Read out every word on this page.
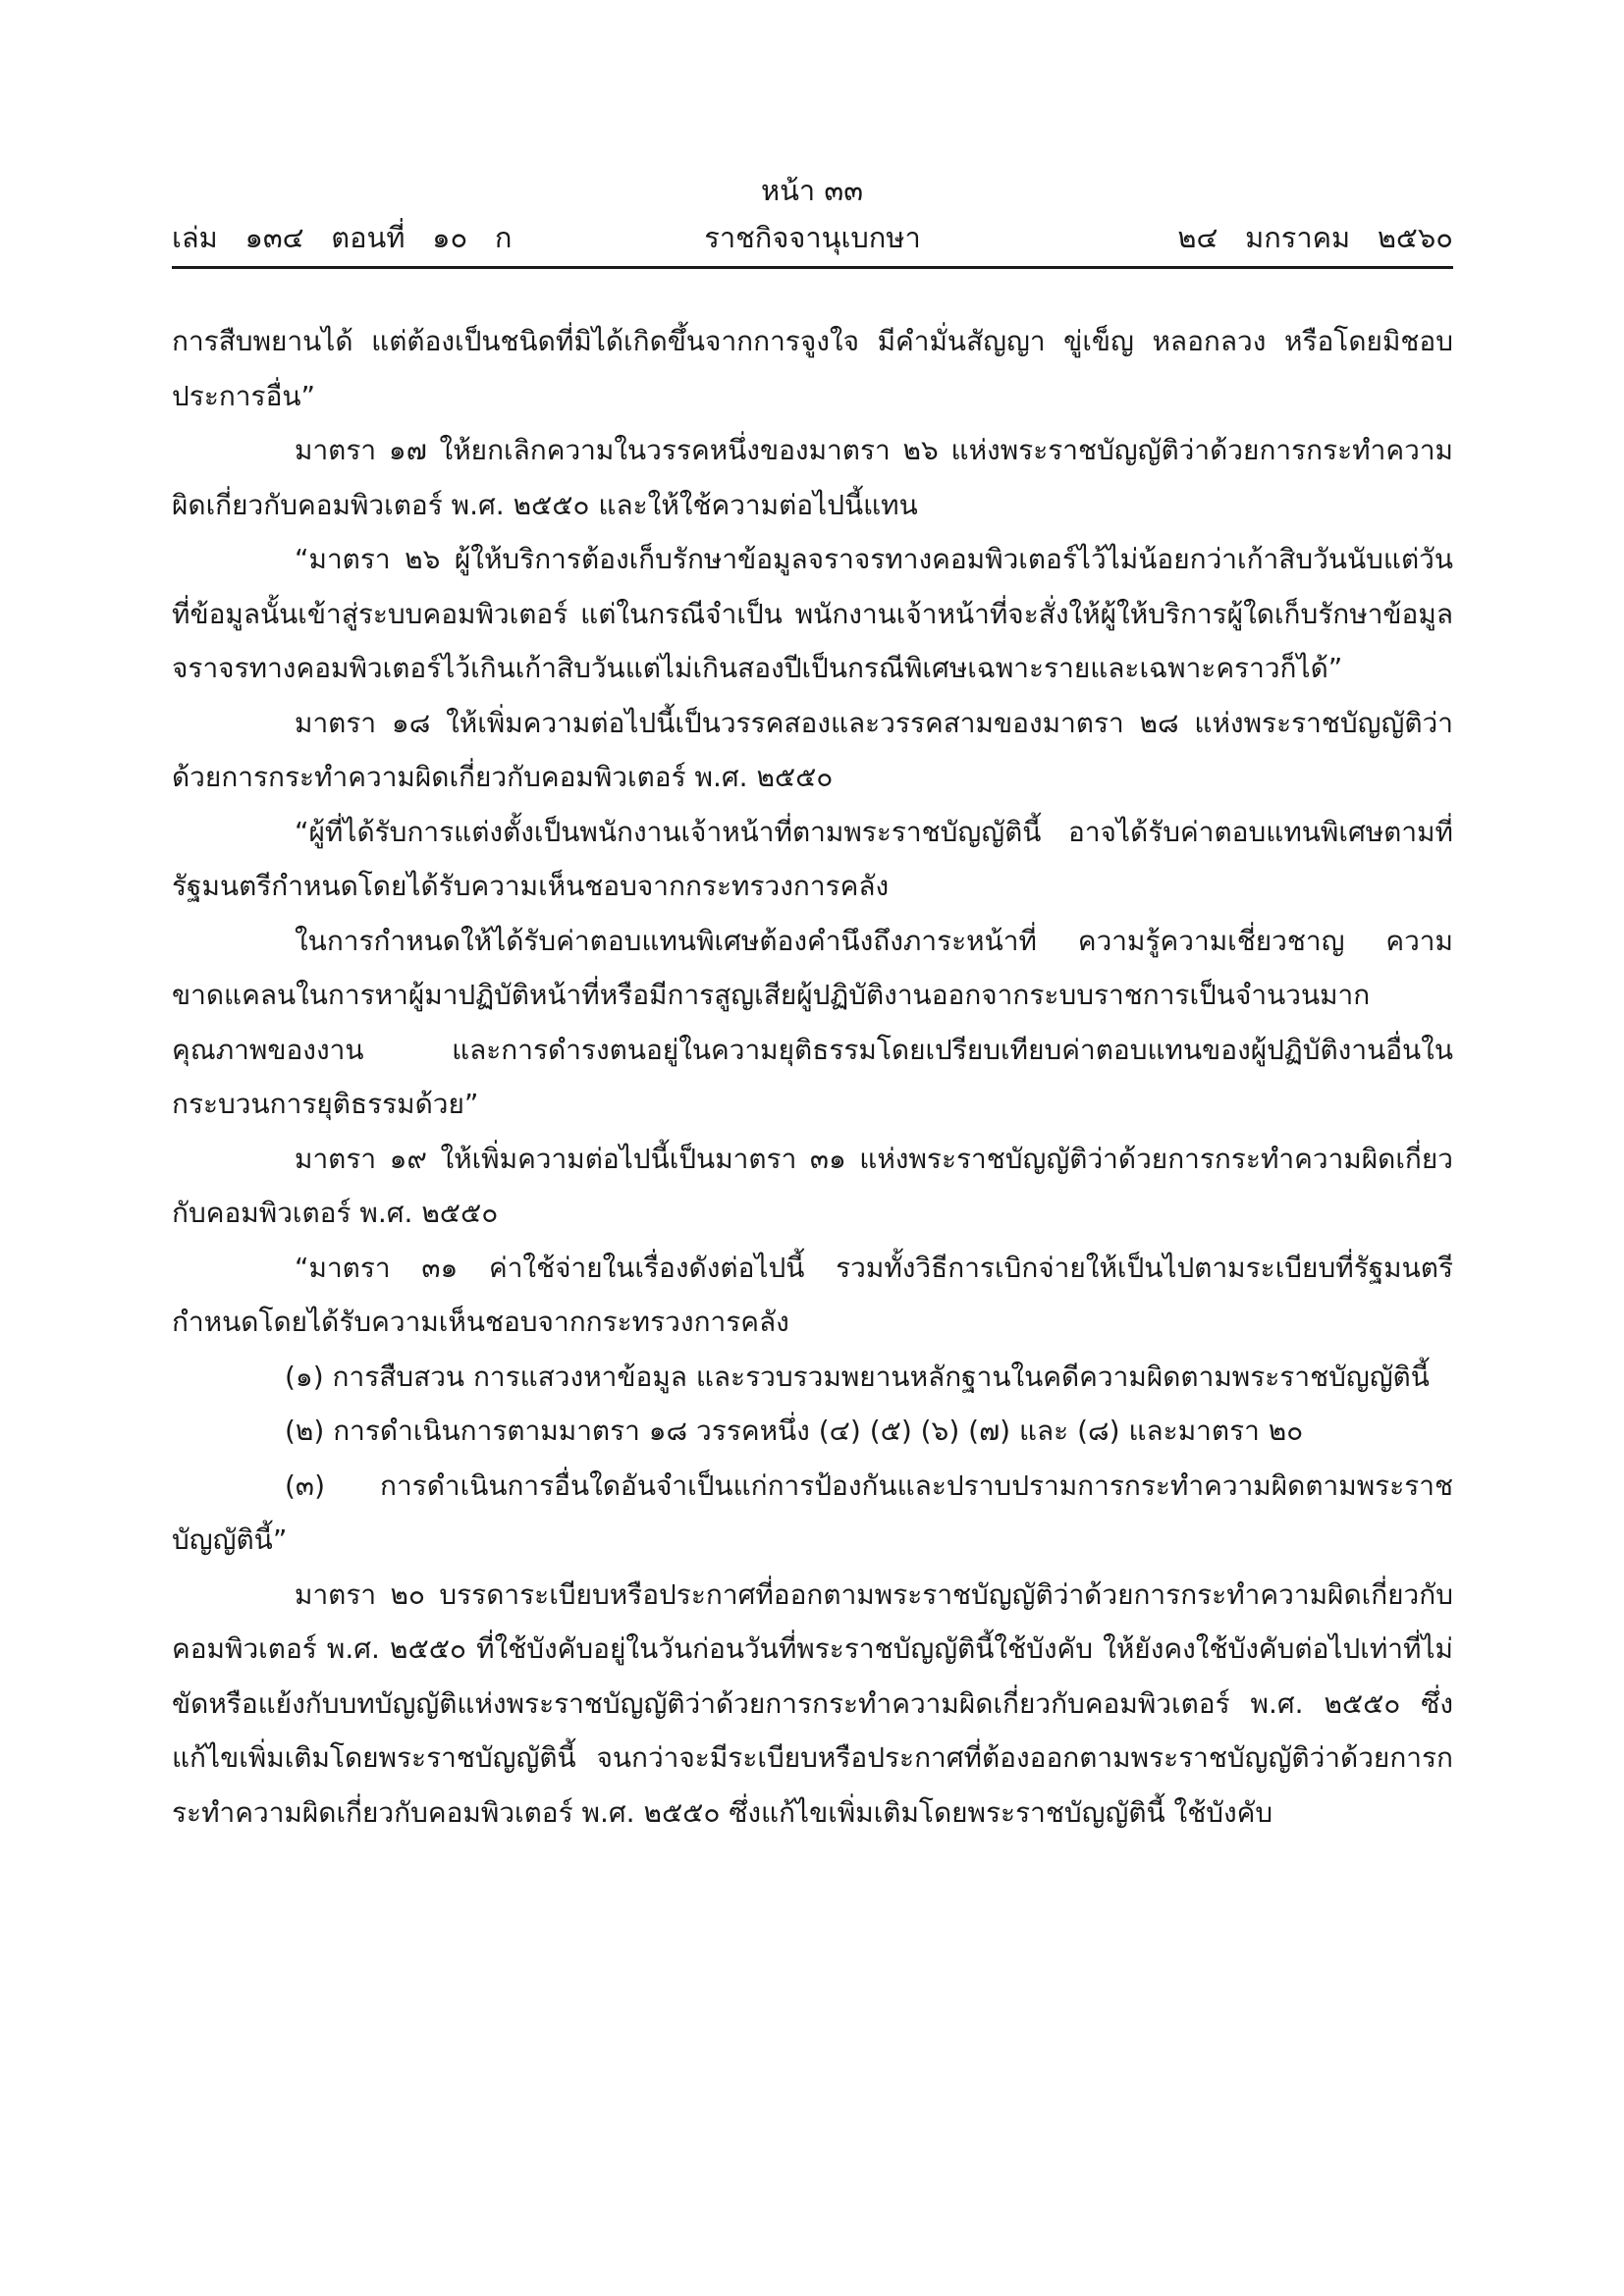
หน้า ๓๓
เล่ม   ๑๓๔   ตอนที่   ๑๐   ก	ราชกิจจานุเบกษา	๒๔   มกราคม   ๒๕๖๐

การสืบพยานได้ แต่ต้องเป็นชนิดที่มิได้เกิดขึ้นจากการจูงใจ มีคำมั่นสัญญา ขู่เข็ญ หลอกลวง หรือโดยมิชอบประการอื่น”

มาตรา ๑๗ ให้ยกเลิกความในวรรคหนึ่งของมาตรา ๒๖ แห่งพระราชบัญญัติว่าด้วยการกระทำความผิดเกี่ยวกับคอมพิวเตอร์ พ.ศ. ๒๕๕๐ และให้ใช้ความต่อไปนี้แทน

“มาตรา ๒๖ ผู้ให้บริการต้องเก็บรักษาข้อมูลจราจรทางคอมพิวเตอร์ไว้ไม่น้อยกว่าเก้าสิบวันนับแต่วันที่ข้อมูลนั้นเข้าสู่ระบบคอมพิวเตอร์ แต่ในกรณีจำเป็น พนักงานเจ้าหน้าที่จะสั่งให้ผู้ให้บริการผู้ใดเก็บรักษาข้อมูลจราจรทางคอมพิวเตอร์ไว้เกินเก้าสิบวันแต่ไม่เกินสองปีเป็นกรณีพิเศษเฉพาะรายและเฉพาะคราวก็ได้”

มาตรา ๑๘ ให้เพิ่มความต่อไปนี้เป็นวรรคสองและวรรคสามของมาตรา ๒๘ แห่งพระราชบัญญัติว่าด้วยการกระทำความผิดเกี่ยวกับคอมพิวเตอร์ พ.ศ. ๒๕๕๐

“ผู้ที่ได้รับการแต่งตั้งเป็นพนักงานเจ้าหน้าที่ตามพระราชบัญญัตินี้ อาจได้รับค่าตอบแทนพิเศษตามที่รัฐมนตรีกำหนดโดยได้รับความเห็นชอบจากกระทรวงการคลัง

ในการกำหนดให้ได้รับค่าตอบแทนพิเศษต้องคำนึงถึงภาระหน้าที่ ความรู้ความเชี่ยวชาญ ความขาดแคลนในการหาผู้มาปฏิบัติหน้าที่หรือมีการสูญเสียผู้ปฏิบัติงานออกจากระบบราชการเป็นจำนวนมาก คุณภาพของงาน และการดำรงตนอยู่ในความยุติธรรมโดยเปรียบเทียบค่าตอบแทนของผู้ปฏิบัติงานอื่นในกระบวนการยุติธรรมด้วย”

มาตรา ๑๙ ให้เพิ่มความต่อไปนี้เป็นมาตรา ๓๑ แห่งพระราชบัญญัติว่าด้วยการกระทำความผิดเกี่ยวกับคอมพิวเตอร์ พ.ศ. ๒๕๕๐

“มาตรา ๓๑ ค่าใช้จ่ายในเรื่องดังต่อไปนี้ รวมทั้งวิธีการเบิกจ่ายให้เป็นไปตามระเบียบที่รัฐมนตรีกำหนดโดยได้รับความเห็นชอบจากกระทรวงการคลัง

(๑) การสืบสวน การแสวงหาข้อมูล และรวบรวมพยานหลักฐานในคดีความผิดตามพระราชบัญญัตินี้

(๒) การดำเนินการตามมาตรา ๑๘ วรรคหนึ่ง (๔) (๕) (๖) (๗) และ (๘) และมาตรา ๒๐

(๓) การดำเนินการอื่นใดอันจำเป็นแก่การป้องกันและปราบปรามการกระทำความผิดตามพระราชบัญญัตินี้”

มาตรา ๒๐ บรรดาระเบียบหรือประกาศที่ออกตามพระราชบัญญัติว่าด้วยการกระทำความผิดเกี่ยวกับคอมพิวเตอร์ พ.ศ. ๒๕๕๐ ที่ใช้บังคับอยู่ในวันก่อนวันที่พระราชบัญญัตินี้ใช้บังคับ ให้ยังคงใช้บังคับต่อไปเท่าที่ไม่ขัดหรือแย้งกับบทบัญญัติแห่งพระราชบัญญัติว่าด้วยการกระทำความผิดเกี่ยวกับคอมพิวเตอร์ พ.ศ. ๒๕๕๐ ซึ่งแก้ไขเพิ่มเติมโดยพระราชบัญญัตินี้ จนกว่าจะมีระเบียบหรือประกาศที่ต้องออกตามพระราชบัญญัติว่าด้วยการกระทำความผิดเกี่ยวกับคอมพิวเตอร์ พ.ศ. ๒๕๕๐ ซึ่งแก้ไขเพิ่มเติมโดยพระราชบัญญัตินี้ ใช้บังคับ
